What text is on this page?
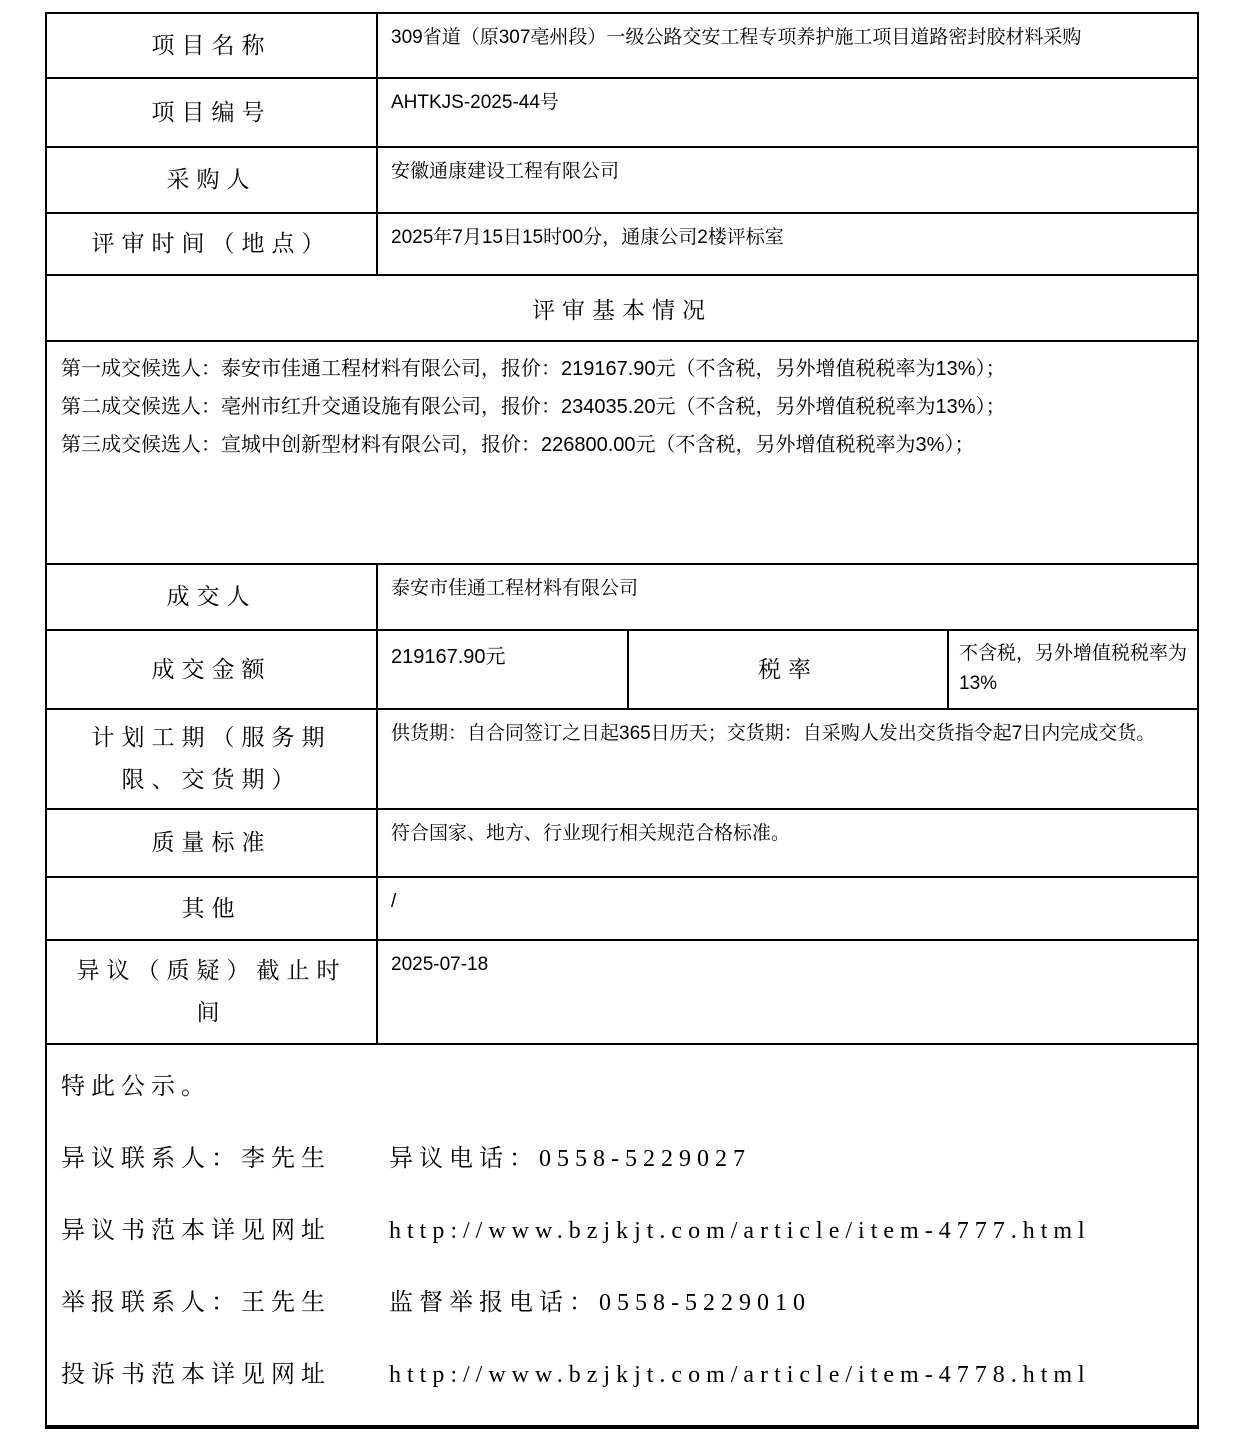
项目名称	309省道（原307亳州段）一级公路交安工程专项养护施工项目道路密封胶材料采购		
项目编号	AHTKJS-2025-44号		
采购人	安徽通康建设工程有限公司		
评审时间（地点）	2025年7月15日15时00分，通康公司2楼评标室		
评审基本情况			

第一成交候选人：泰安市佳通工程材料有限公司，报价：219167.90元（不含税，另外增值税税率为13%）；
第二成交候选人：亳州市红升交通设施有限公司，报价：234035.20元（不含税，另外增值税税率为13%）；
第三成交候选人：宣城中创新型材料有限公司，报价：226800.00元（不含税，另外增值税税率为3%）；			

成交人	泰安市佳通工程材料有限公司		
成交金额	219167.90元	税率	不含税，另外增值税税率为13%
计划工期（服务期限、交货期）	供货期：自合同签订之日起365日历天；交货期：自采购人发出交货指令起7日内完成交货。		
质量标准	符合国家、地方、行业现行相关规范合格标准。		
其他	/		
异议（质疑）截止时间	2025-07-18		

特此公示。

异议联系人：李先生 异议电话：0558-5229027

异议书范本详见网址 http://www.bzjkjt.com/article/item-4777.html

举报联系人：王先生 监督举报电话：0558-5229010

投诉书范本详见网址 http://www.bzjkjt.com/article/item-4778.html			
